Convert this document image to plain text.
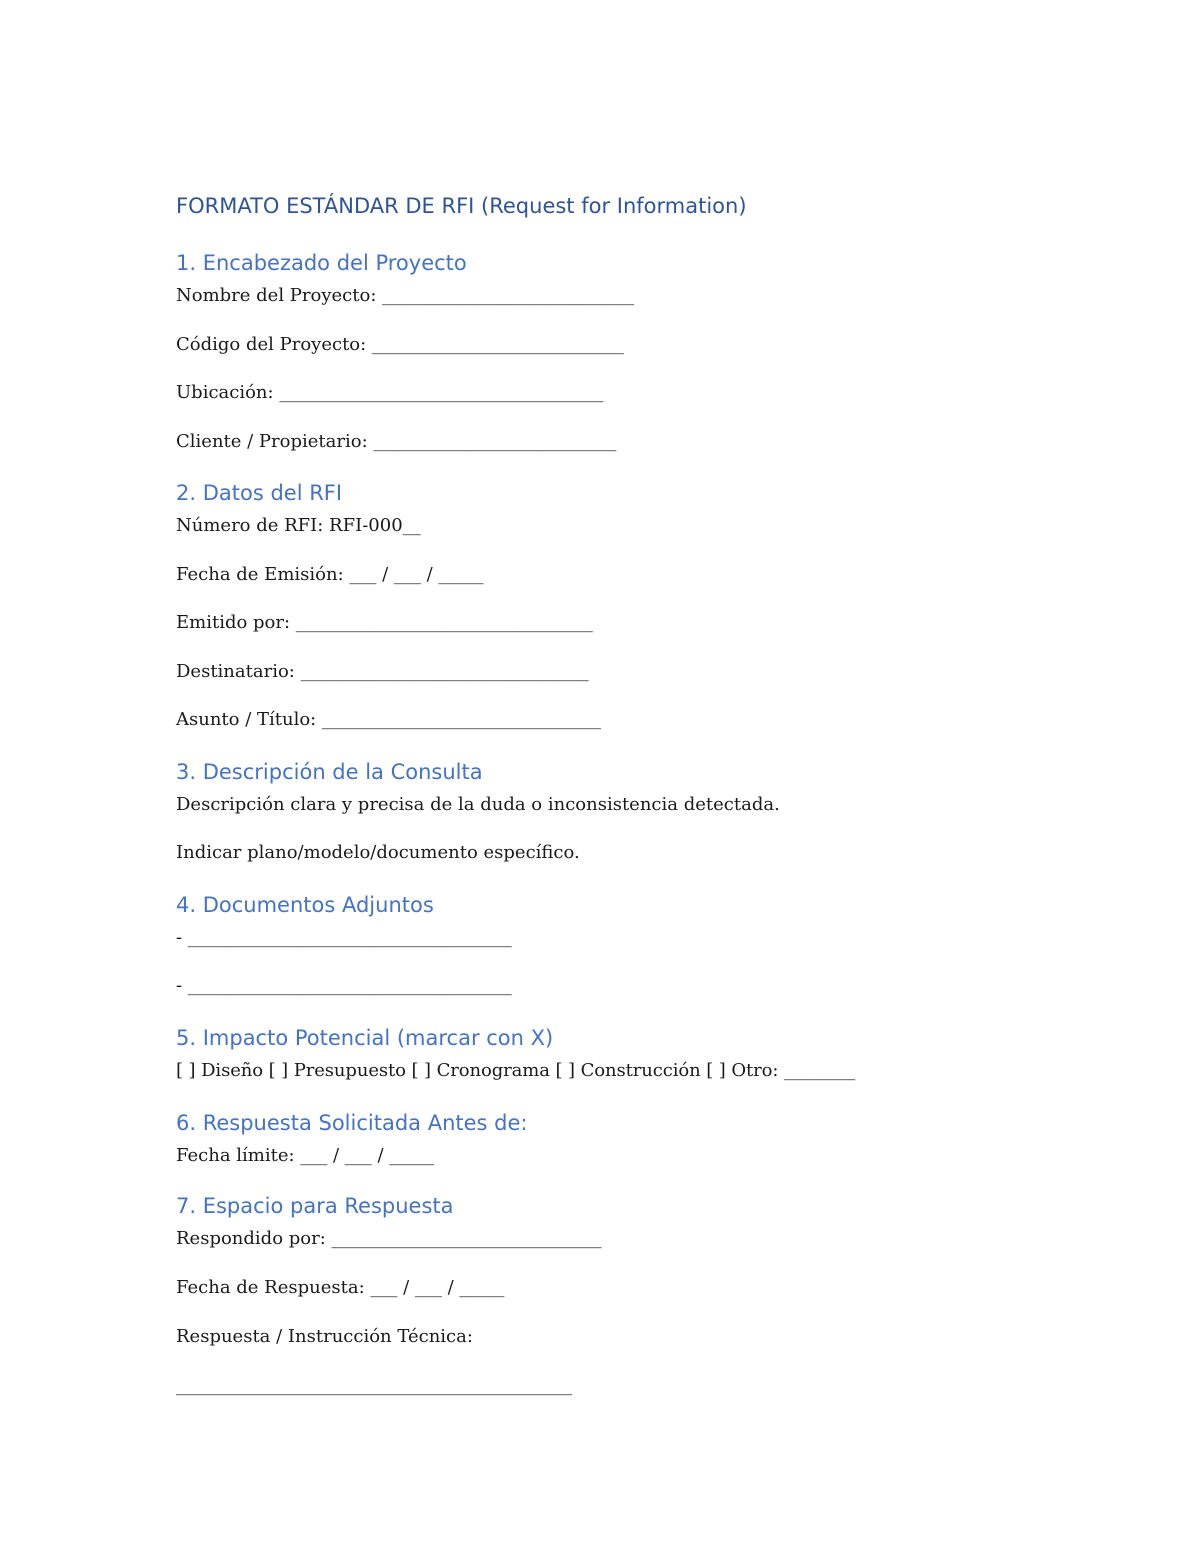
FORMATO ESTÁNDAR DE RFI (Request for Information)
1. Encabezado del Proyecto

Nombre del Proyecto: ____________________________

Código del Proyecto: ____________________________

Ubicación: ____________________________________

Cliente / Propietario: ___________________________

2. Datos del RFI

Número de RFI: RFI-000__

Fecha de Emisión: ___ / ___ / _____

Emitido por: _________________________________

Destinatario: ________________________________

Asunto / Título: _______________________________

3. Descripción de la Consulta

Descripción clara y precisa de la duda o inconsistencia detectada.

Indicar plano/modelo/documento específico.

4. Documentos Adjuntos

- ____________________________________

- ____________________________________

5. Impacto Potencial (marcar con X)

[ ] Diseño [ ] Presupuesto [ ] Cronograma [ ] Construcción [ ] Otro: ________

6. Respuesta Solicitada Antes de:

Fecha límite: ___ / ___ / _____

7. Espacio para Respuesta

Respondido por: ______________________________

Fecha de Respuesta: ___ / ___ / _____

Respuesta / Instrucción Técnica:

____________________________________________
